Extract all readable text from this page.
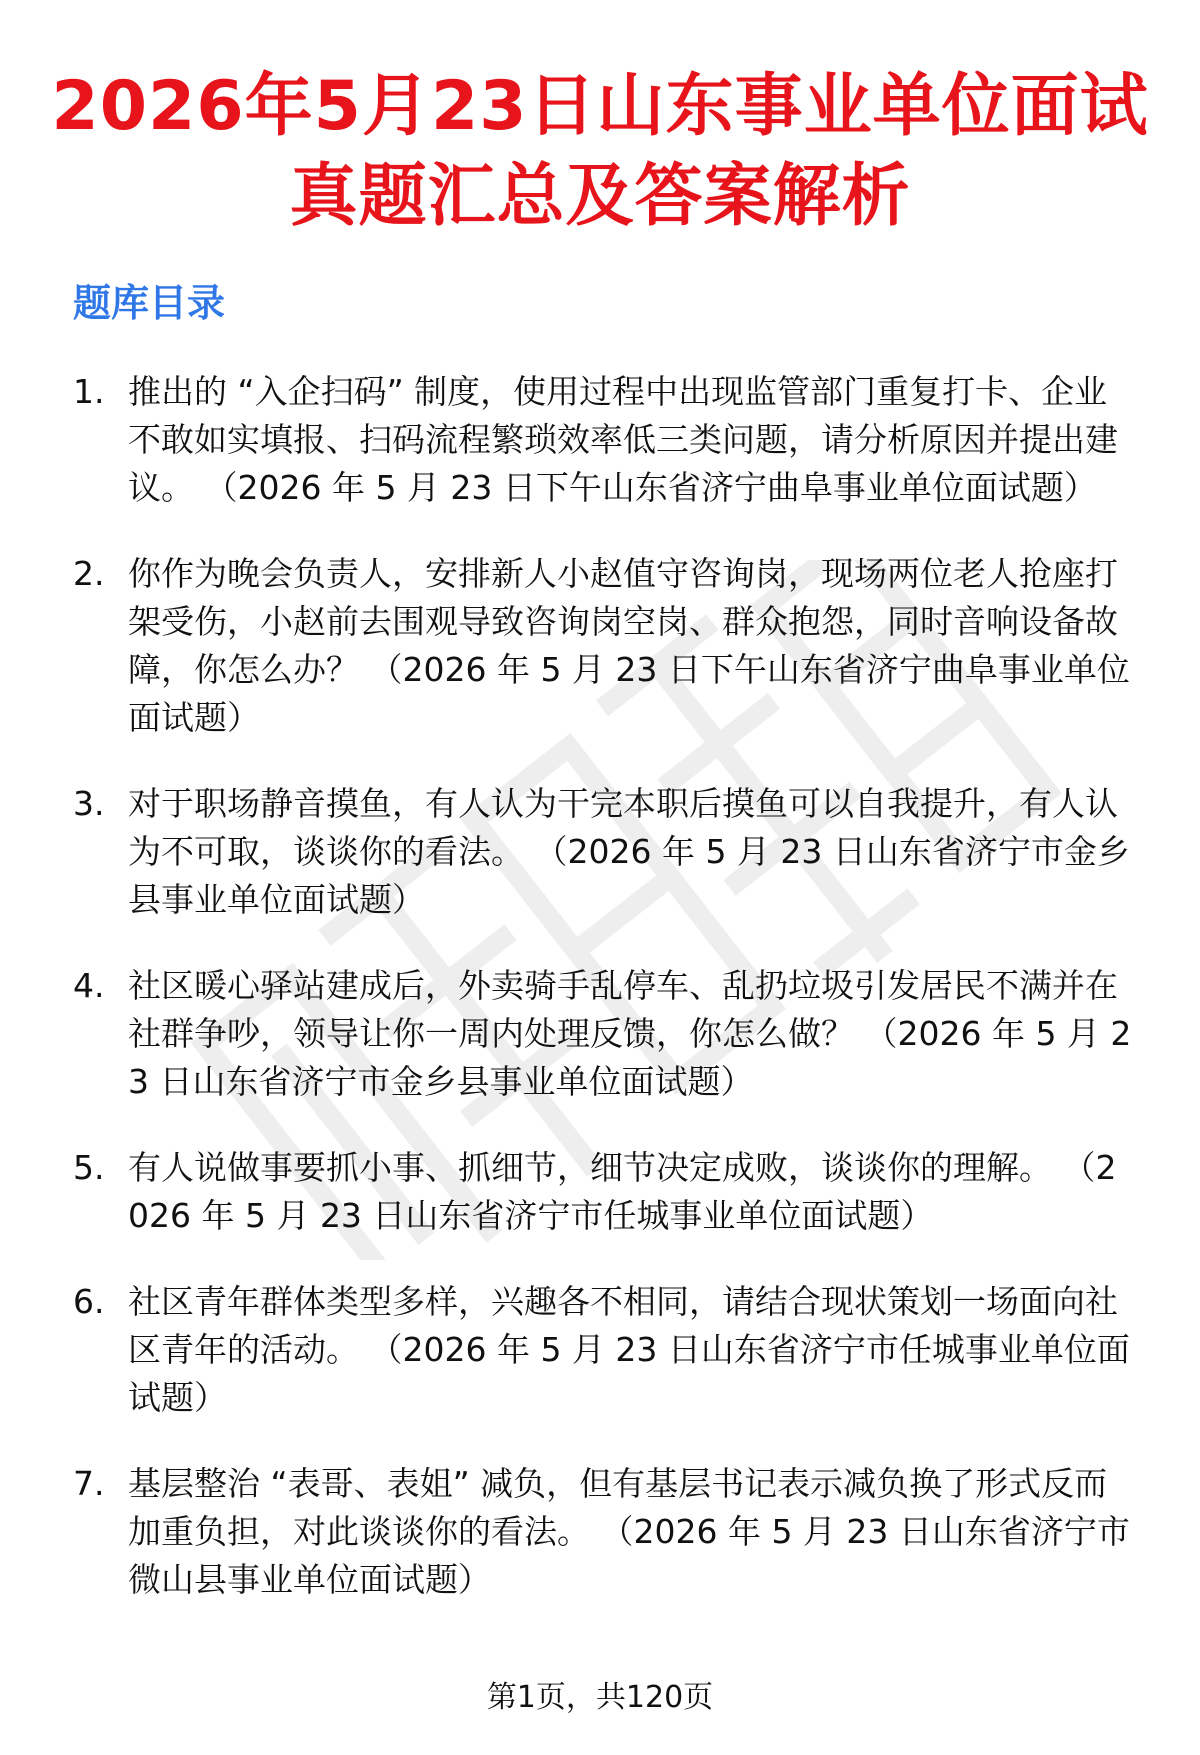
2026年5月23日山东事业单位面试
真题汇总及答案解析
题库目录
1. 推出的 “入企扫码” 制度，使用过程中出现监管部门重复打卡、企业不敢如实填报、扫码流程繁琐效率低三类问题，请分析原因并提出建议。 （2026 年 5 月 23 日下午山东省济宁曲阜事业单位面试题）
2. 你作为晚会负责人，安排新人小赵值守咨询岗，现场两位老人抢座打架受伤，小赵前去围观导致咨询岗空岗、群众抱怨，同时音响设备故障，你怎么办？ （2026 年 5 月 23 日下午山东省济宁曲阜事业单位面试题）
3. 对于职场静音摸鱼，有人认为干完本职后摸鱼可以自我提升，有人认为不可取，谈谈你的看法。 （2026 年 5 月 23 日山东省济宁市金乡县事业单位面试题）
4. 社区暖心驿站建成后，外卖骑手乱停车、乱扔垃圾引发居民不满并在社群争吵，领导让你一周内处理反馈，你怎么做？ （2026 年 5 月 23 日山东省济宁市金乡县事业单位面试题）
5. 有人说做事要抓小事、抓细节，细节决定成败，谈谈你的理解。 （2026 年 5 月 23 日山东省济宁市任城事业单位面试题）
6. 社区青年群体类型多样，兴趣各不相同，请结合现状策划一场面向社区青年的活动。 （2026 年 5 月 23 日山东省济宁市任城事业单位面试题）
7. 基层整治 “表哥、表姐” 减负，但有基层书记表示减负换了形式反而加重负担，对此谈谈你的看法。 （2026 年 5 月 23 日山东省济宁市微山县事业单位面试题）
第1页，共120页
